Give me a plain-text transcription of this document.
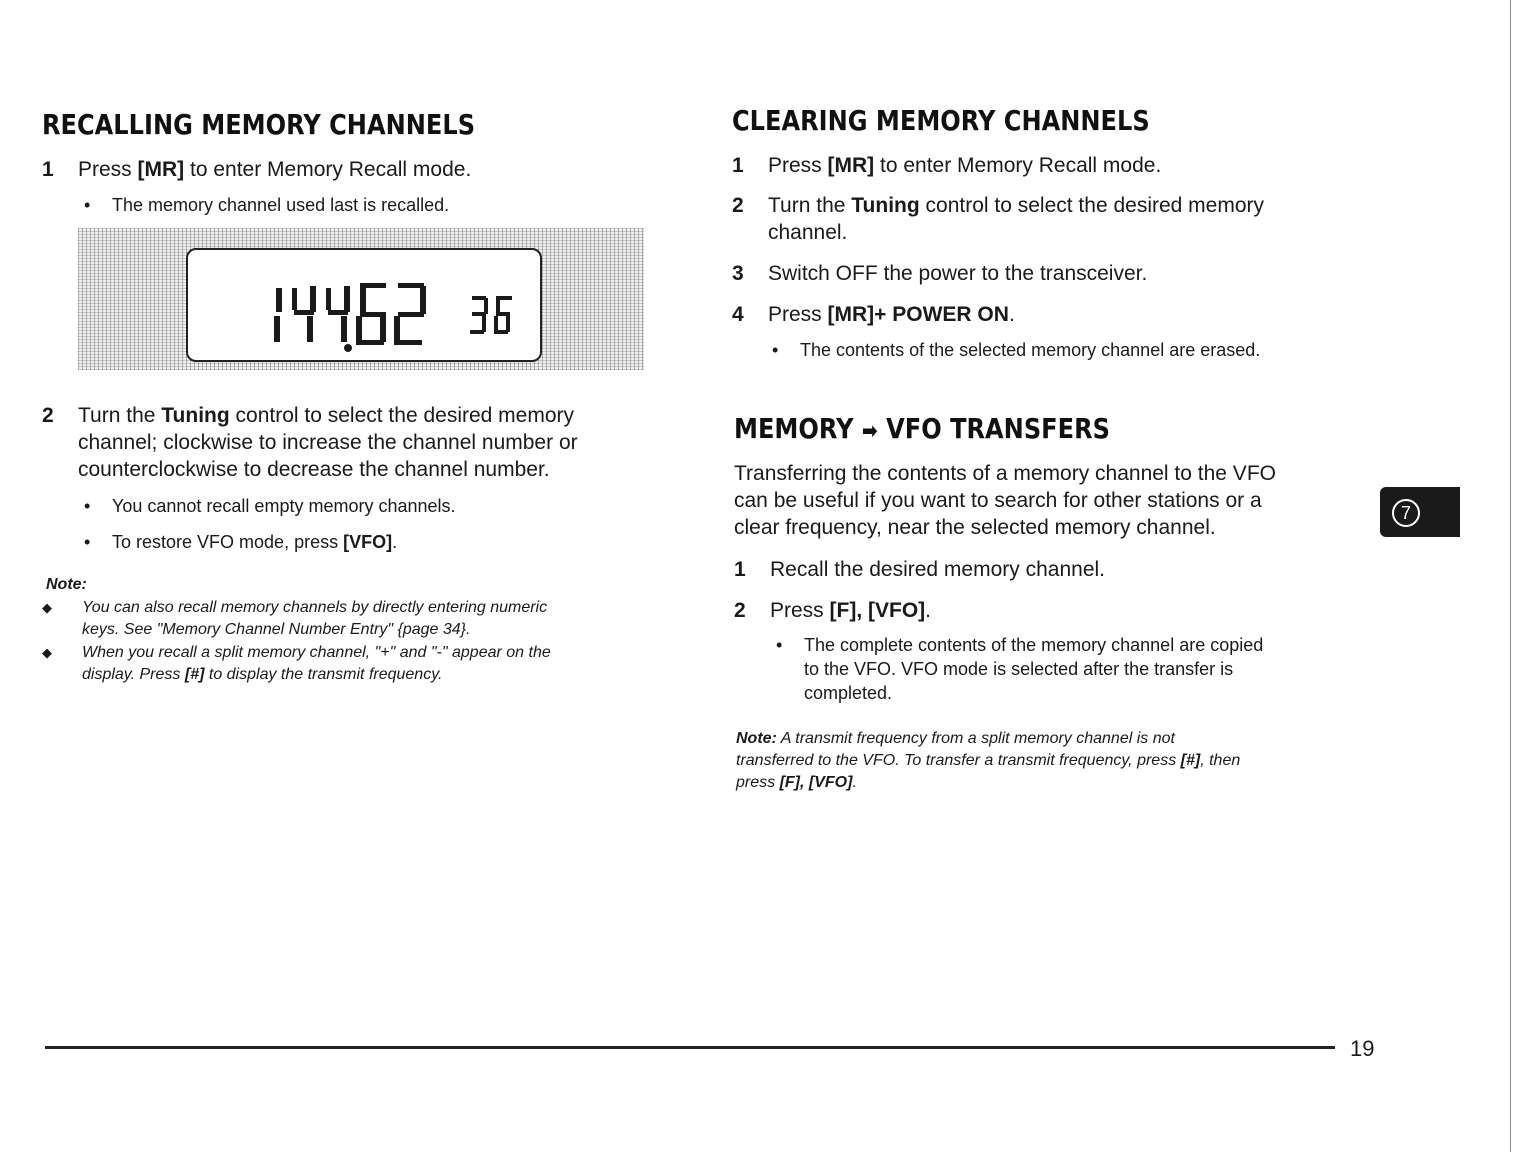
RECALLING MEMORY CHANNELS
1 Press [MR] to enter Memory Recall mode.
• The memory channel used last is recalled.
2 Turn the Tuning control to select the desired memory
channel; clockwise to increase the channel number or
counterclockwise to decrease the channel number.
• You cannot recall empty memory channels.
• To restore VFO mode, press [VFO].
Note:
◆ You can also recall memory channels by directly entering numeric
keys. See "Memory Channel Number Entry" {page 34}.
◆ When you recall a split memory channel, "+" and "-" appear on the
display. Press [#] to display the transmit frequency.
CLEARING MEMORY CHANNELS
1 Press [MR] to enter Memory Recall mode.
2 Turn the Tuning control to select the desired memory
channel.
3 Switch OFF the power to the transceiver.
4 Press [MR]+ POWER ON.
• The contents of the selected memory channel are erased.
MEMORY ➡ VFO TRANSFERS
Transferring the contents of a memory channel to the VFO
can be useful if you want to search for other stations or a
clear frequency, near the selected memory channel.
1 Recall the desired memory channel.
2 Press [F], [VFO].
• The complete contents of the memory channel are copied
to the VFO. VFO mode is selected after the transfer is
completed.
Note: A transmit frequency from a split memory channel is not
transferred to the VFO. To transfer a transmit frequency, press [#], then
press [F], [VFO].
7
19
